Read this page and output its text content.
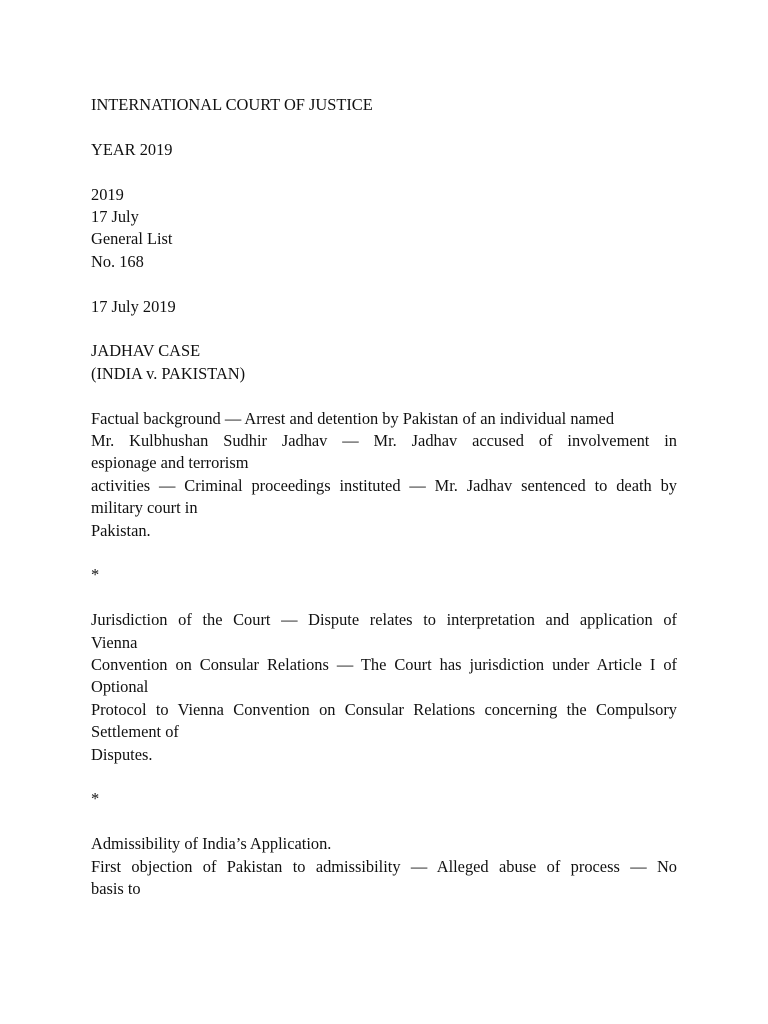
INTERNATIONAL COURT OF JUSTICE

YEAR 2019

2019
17 July
General List
No. 168

17 July 2019

JADHAV CASE
(INDIA v. PAKISTAN)

Factual background — Arrest and detention by Pakistan of an individual named
Mr. Kulbhushan Sudhir Jadhav — Mr. Jadhav accused of involvement in
espionage and terrorism
activities — Criminal proceedings instituted — Mr. Jadhav sentenced to death by
military court in
Pakistan.

*

Jurisdiction of the Court — Dispute relates to interpretation and application of
Vienna
Convention on Consular Relations — The Court has jurisdiction under Article I of
Optional
Protocol to Vienna Convention on Consular Relations concerning the Compulsory
Settlement of
Disputes.

*

Admissibility of India’s Application.
First objection of Pakistan to admissibility — Alleged abuse of process — No
basis to
